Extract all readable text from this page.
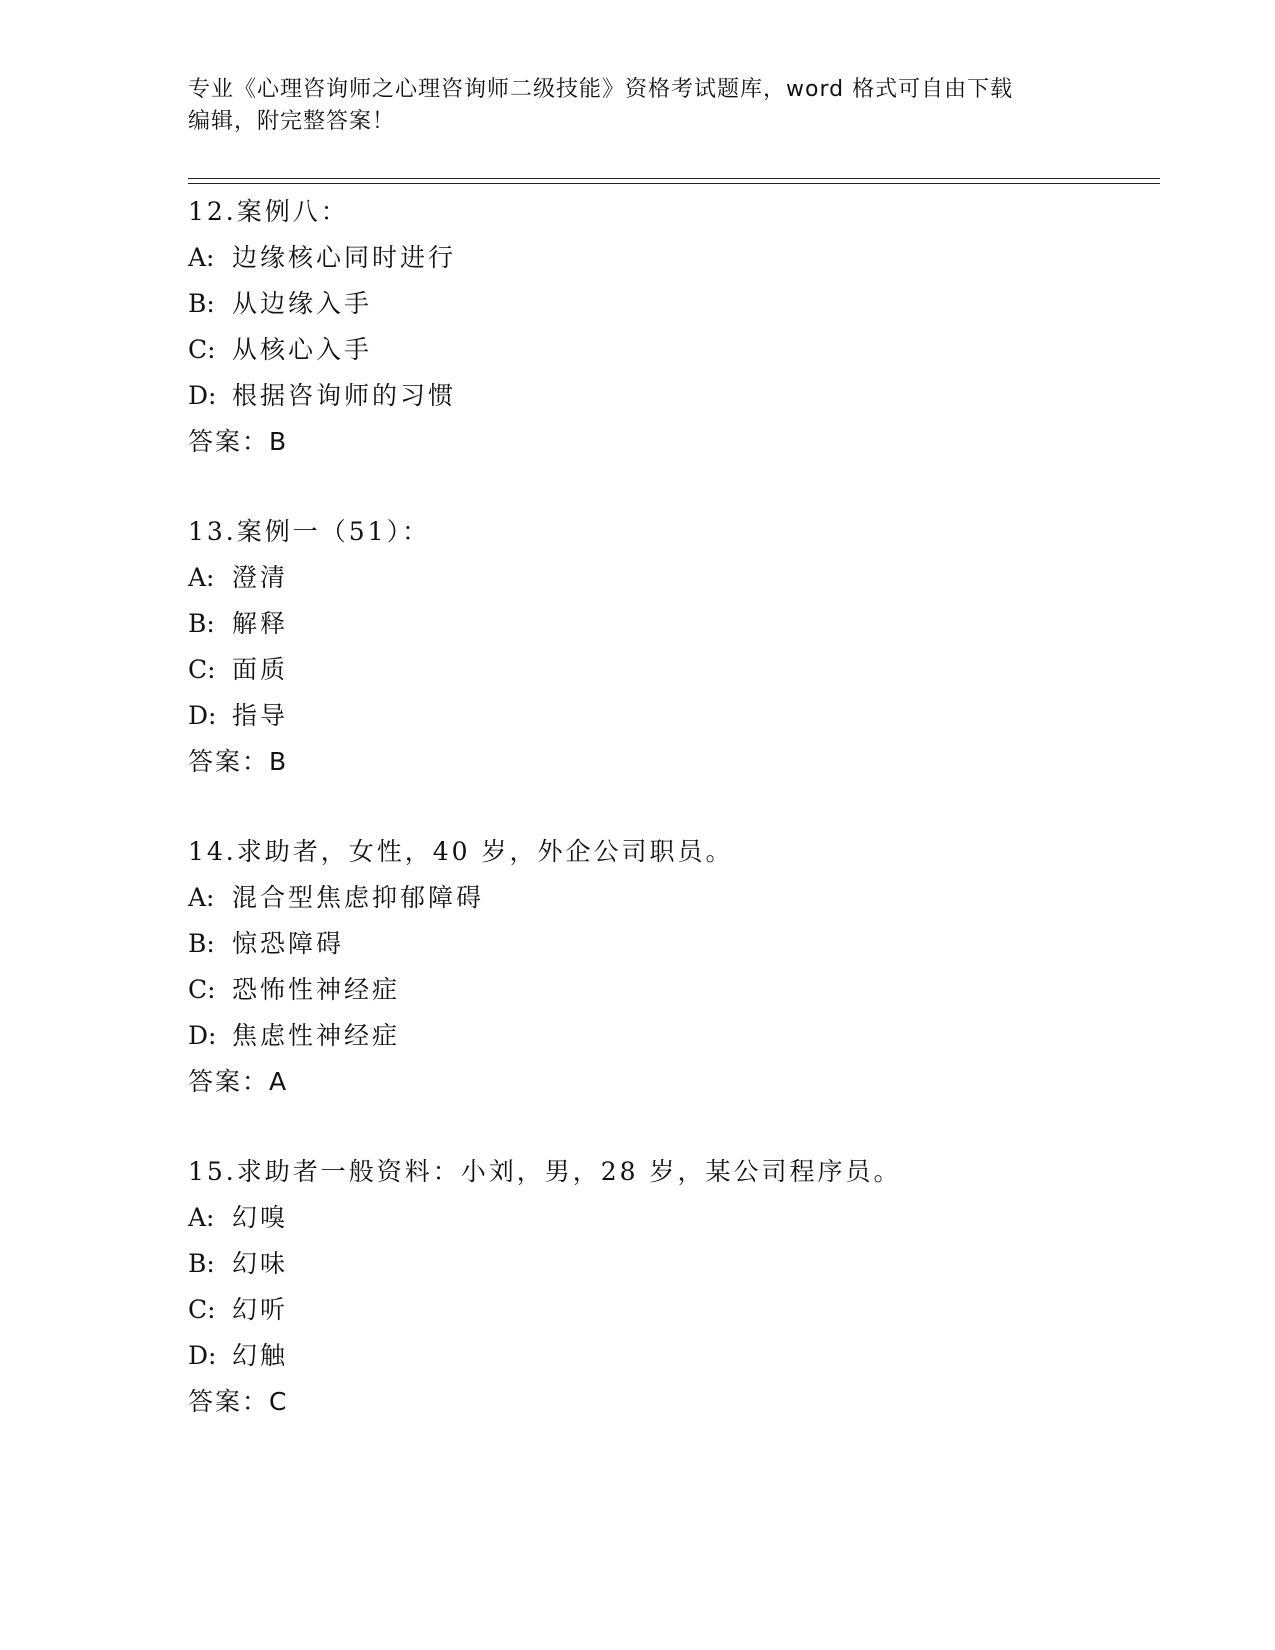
专业《心理咨询师之心理咨询师二级技能》资格考试题库，word 格式可自由下载
编辑，附完整答案！
12.案例八：
A: 边缘核心同时进行
B: 从边缘入手
C: 从核心入手
D: 根据咨询师的习惯
答案：B
13.案例一（51）：
A: 澄清
B: 解释
C: 面质
D: 指导
答案：B
14.求助者，女性，40 岁，外企公司职员。
A: 混合型焦虑抑郁障碍
B: 惊恐障碍
C: 恐怖性神经症
D: 焦虑性神经症
答案：A
15.求助者一般资料：小刘，男，28 岁，某公司程序员。
A: 幻嗅
B: 幻味
C: 幻听
D: 幻触
答案：C
